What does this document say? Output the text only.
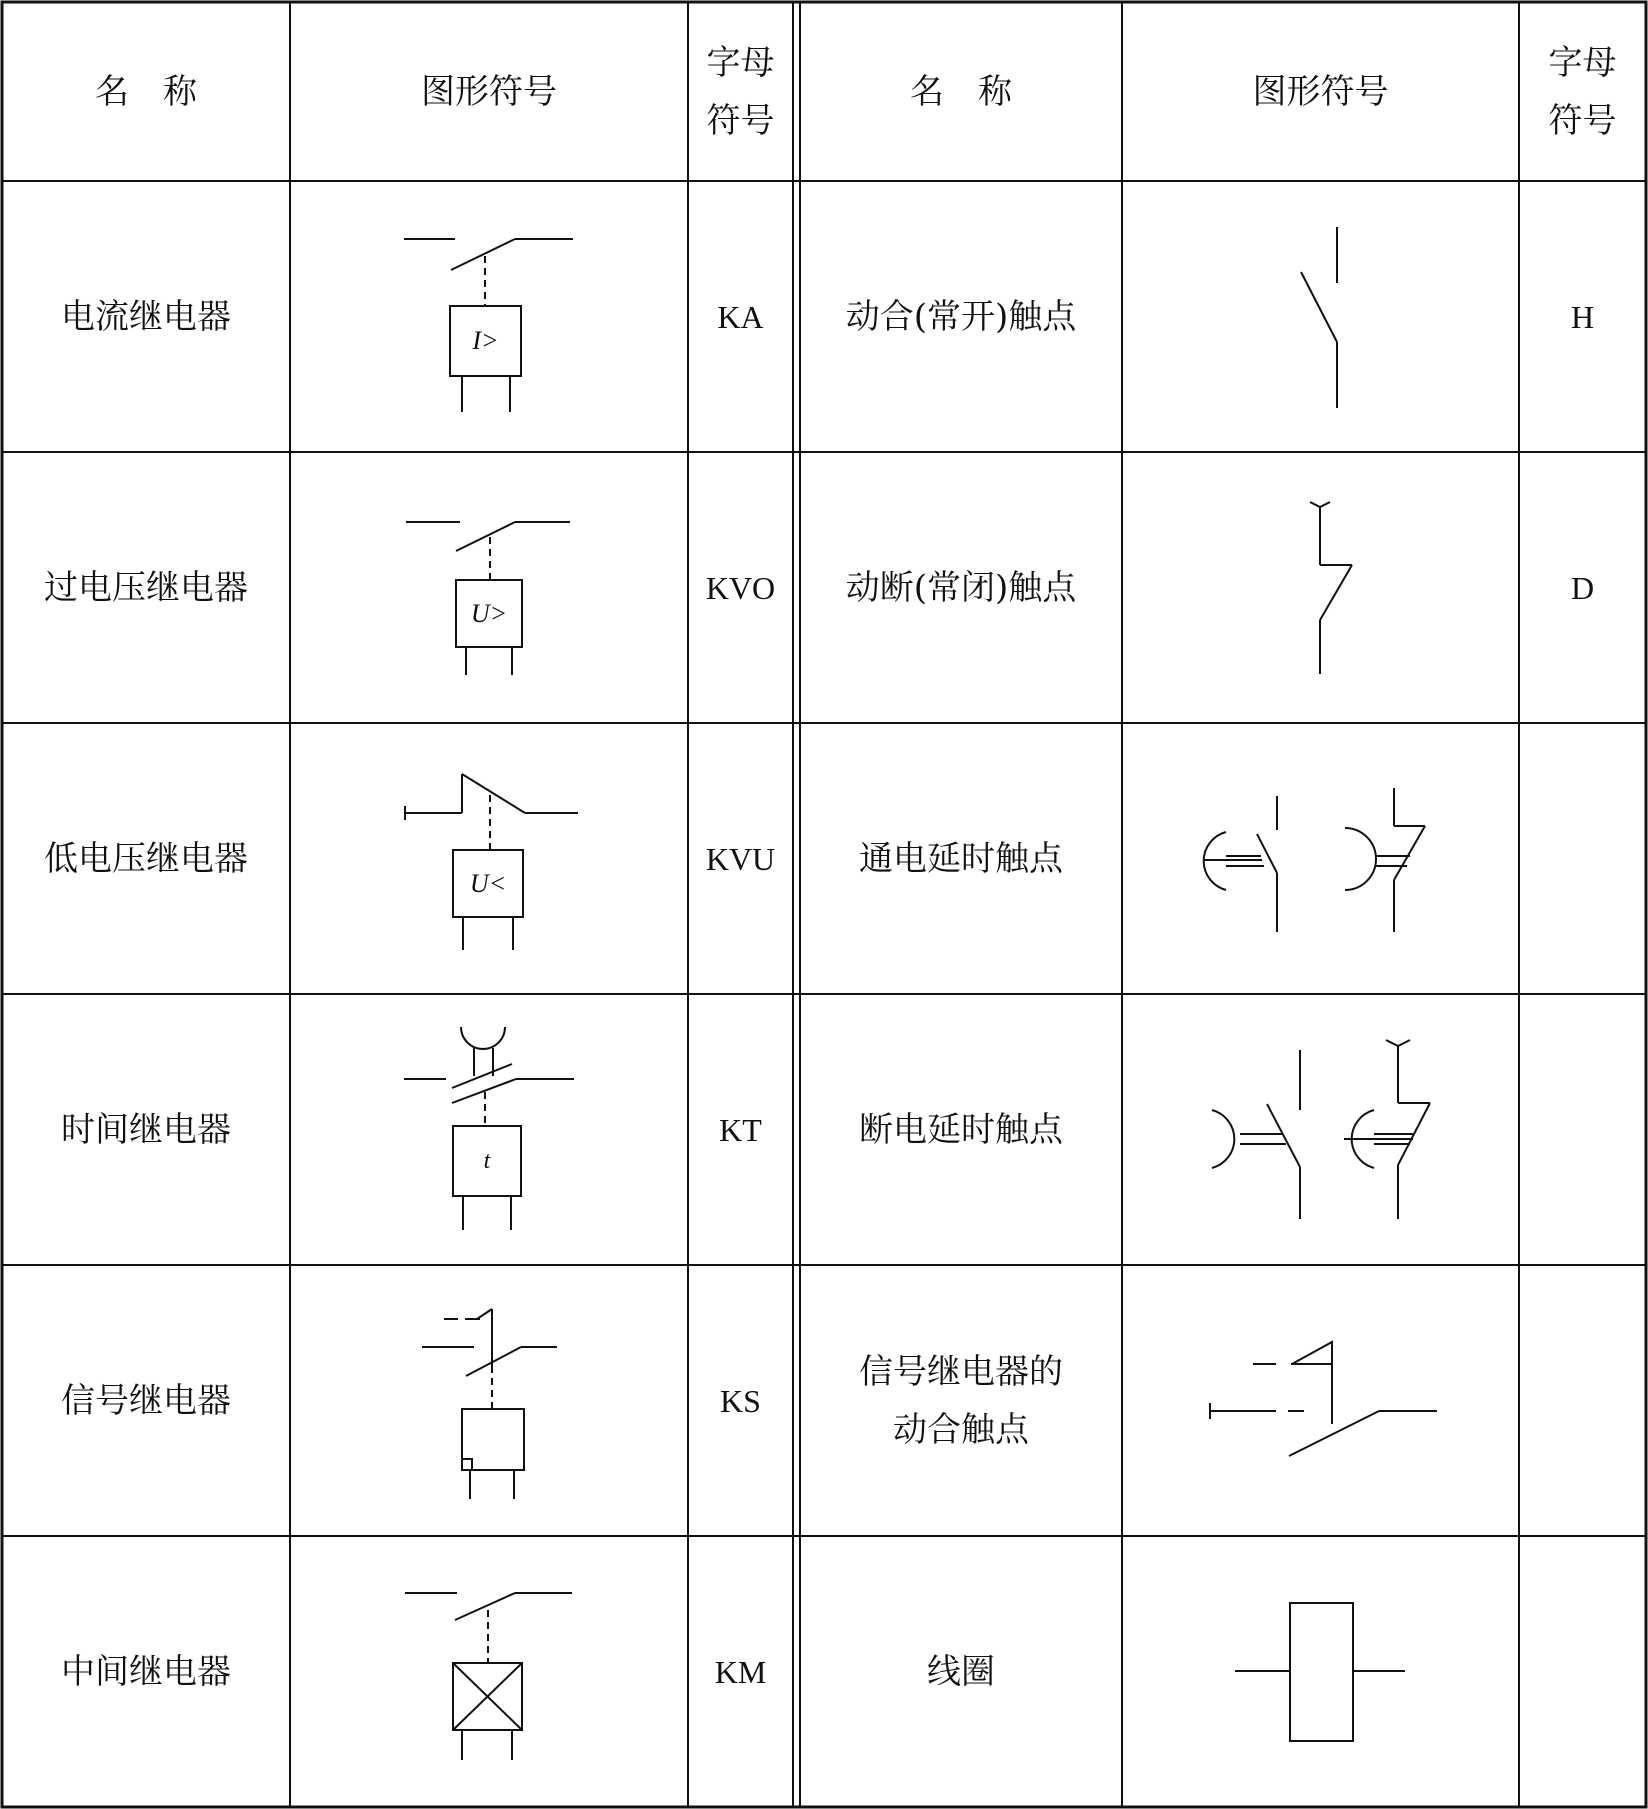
I>
U>
U<
t
名　称	图形符号
字母
符号
名　称	图形符号
字母
符号
电流继电器
过电压继电器
低电压继电器
时间继电器
信号继电器
中间继电器
KA
KVO
KVU
KT
KS
KM
动合(常开)触点
动断(常闭)触点
通电延时触点
断电延时触点
信号继电器的
动合触点
线圈
H
D
